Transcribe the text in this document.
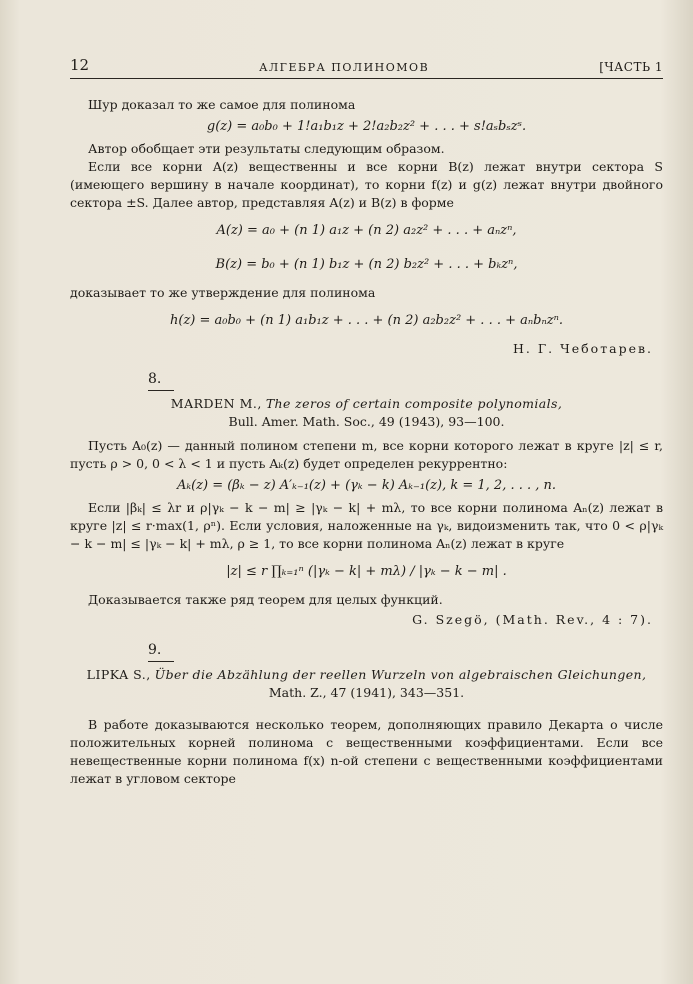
12	АЛГЕБРА ПОЛИНОМОВ	[ЧАСТЬ 1

Шур доказал то же самое для полинома

g(z) = a₀b₀ + 1!a₁b₁z + 2!a₂b₂z² + . . . + s!aₛbₛzˢ.

Автор обобщает эти результаты следующим образом.

Если все корни A(z) вещественны и все корни B(z) лежат внутри сектора S (имеющего вершину в начале координат), то корни f(z) и g(z) лежат внутри двойного сектора ±S. Далее автор, представляя A(z) и B(z) в форме

A(z) = a₀ + (n 1) a₁z + (n 2) a₂z² + . . . + aₙzⁿ,
B(z) = b₀ + (n 1) b₁z + (n 2) b₂z² + . . . + bₖzⁿ,

доказывает то же утверждение для полинома

h(z) = a₀b₀ + (n 1) a₁b₁z + . . . + (n 2) a₂b₂z² + . . . + aₙbₙzⁿ.
Н. Г. Чеботарев.
8.
MARDEN M., The zeros of certain composite polynomials,
Bull. Amer. Math. Soc., 49 (1943), 93—100.

Пусть A₀(z) — данный полином степени m, все корни которого лежат в круге |z| ≤ r, пусть ρ > 0, 0 < λ < 1 и пусть Aₖ(z) будет определен рекуррентно:

Aₖ(z) = (βₖ − z) A′ₖ₋₁(z) + (γₖ − k) Aₖ₋₁(z), k = 1, 2, . . . , n.

Если |βₖ| ≤ λr и ρ|γₖ − k − m| ≥ |γₖ − k| + mλ, то все корни полинома Aₙ(z) лежат в круге |z| ≤ r·max(1, ρⁿ). Если условия, наложенные на γₖ, видоизменить так, что 0 < ρ|γₖ − k − m| ≤ |γₖ − k| + mλ, ρ ≥ 1, то все корни полинома Aₙ(z) лежат в круге

|z| ≤ r ∏ₖ₌₁ⁿ (|γₖ − k| + mλ) / |γₖ − k − m| .

Доказывается также ряд теорем для целых функций.

G. Szegö, (Math. Rev., 4 : 7).
9.
LIPKA S., Über die Abzählung der reellen Wurzeln von algebraischen Gleichungen, Math. Z., 47 (1941), 343—351.

В работе доказываются несколько теорем, дополняющих правило Декарта о числе положительных корней полинома с вещественными коэффициентами. Если все невещественные корни полинома f(x) n-ой степени с вещественными коэффициентами лежат в угловом секторе
